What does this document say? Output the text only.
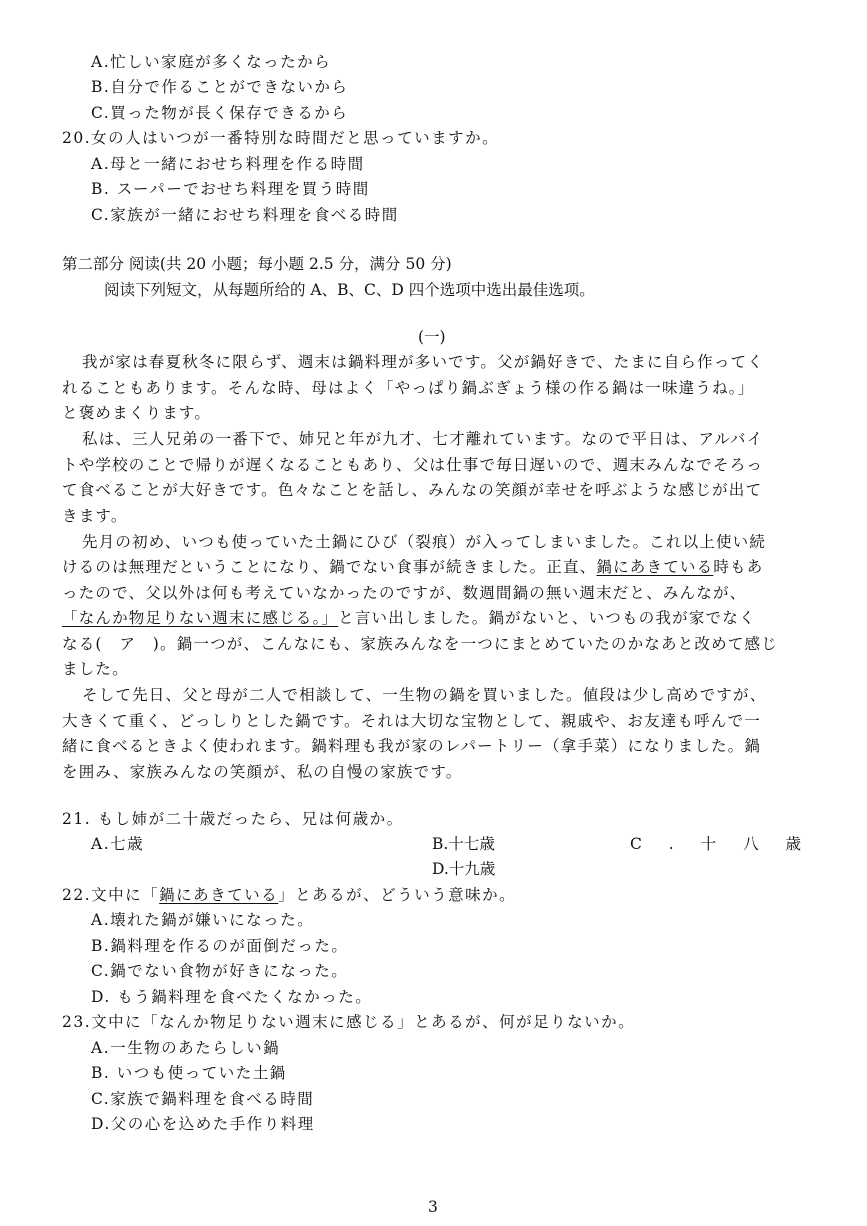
A.忙しい家庭が多くなったから
B.自分で作ることができないから
C.買った物が長く保存できるから
20.女の人はいつが一番特別な時間だと思っていますか。
A.母と一緒におせち料理を作る時間
B. スーパーでおせち料理を買う時間
C.家族が一緒におせち料理を食べる時間
第二部分 阅读(共 20 小题；每小题 2.5 分，满分 50 分)
阅读下列短文，从每题所给的 A、B、C、D 四个选项中选出最佳选项。
(一)
我が家は春夏秋冬に限らず、週末は鍋料理が多いです。父が鍋好きで、たまに自ら作ってく
れることもあります。そんな時、母はよく「やっぱり鍋ぶぎょう様の作る鍋は一味違うね。」
と褒めまくります。
私は、三人兄弟の一番下で、姉兄と年が九才、七才離れています。なので平日は、アルバイ
トや学校のことで帰りが遅くなることもあり、父は仕事で毎日遅いので、週末みんなでそろっ
て食べることが大好きです。色々なことを話し、みんなの笑顔が幸せを呼ぶような感じが出て
きます。
先月の初め、いつも使っていた土鍋にひび（裂痕）が入ってしまいました。これ以上使い続
けるのは無理だということになり、鍋でない食事が続きました。正直、鍋にあきている時もあ
ったので、父以外は何も考えていなかったのですが、数週間鍋の無い週末だと、みんなが、
「なんか物足りない週末に感じる。」と言い出しました。鍋がないと、いつもの我が家でなく
なる(　ア　)。鍋一つが、こんなにも、家族みんなを一つにまとめていたのかなあと改めて感じ
ました。
そして先日、父と母が二人で相談して、一生物の鍋を買いました。値段は少し高めですが、
大きくて重く、どっしりとした鍋です。それは大切な宝物として、親戚や、お友達も呼んで一
緒に食べるときよく使われます。鍋料理も我が家のレパートリー（拿手菜）になりました。鍋
を囲み、家族みんなの笑顔が、私の自慢の家族です。
21. もし姉が二十歳だったら、兄は何歳か。
A.七歳	B.十七歳	C . 十 八 歳
D.十九歳
22.文中に「鍋にあきている」とあるが、どういう意味か。
A.壊れた鍋が嫌いになった。
B.鍋料理を作るのが面倒だった。
C.鍋でない食物が好きになった。
D. もう鍋料理を食べたくなかった。
23.文中に「なんか物足りない週末に感じる」とあるが、何が足りないか。
A.一生物のあたらしい鍋
B. いつも使っていた土鍋
C.家族で鍋料理を食べる時間
D.父の心を込めた手作り料理
3
